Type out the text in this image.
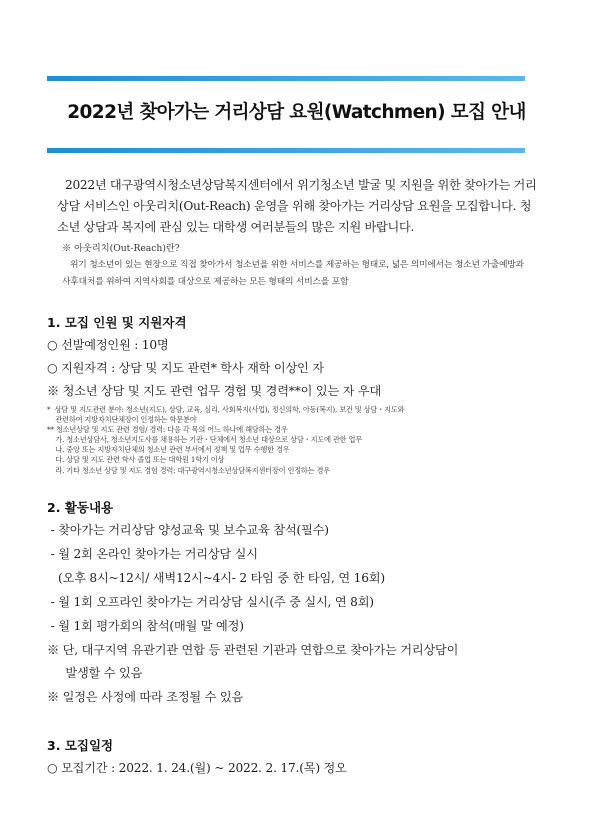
2022년 찾아가는 거리상담 요원(Watchmen) 모집 안내
2022년 대구광역시청소년상담복지센터에서 위기청소년 발굴 및 지원을 위한 찾아가는 거리상담 서비스인 아웃리치(Out-Reach) 운영을 위해 찾아가는 거리상담 요원을 모집합니다. 청소년 상담과 복지에 관심 있는 대학생 여러분들의 많은 지원 바랍니다.
※ 아웃리치(Out-Reach)란?
위기 청소년이 있는 현장으로 직접 찾아가서 청소년을 위한 서비스를 제공하는 형태로, 넓은 의미에서는 청소년 가출예방과 사후대처를 위하여 지역사회를 대상으로 제공하는 모든 형태의 서비스을 포함
1. 모집 인원 및 지원자격
○ 선발예정인원 : 10명
○ 지원자격 : 상담 및 지도 관련* 학사 재학 이상인 자
※ 청소년 상담 및 지도 관련 업무 경험 및 경력**이 있는 자 우대
*  상담 및 지도관련 분야: 청소년(지도), 상담, 교육, 심리, 사회복지(사업), 정신의학, 아동(복지), 보건 및 상담・지도와
관련하여 지방자치단체장이 인정하는 학문분야
** 청소년상담 및 지도 관련 경험/ 경력: 다음 각 목의 어느 하나에 해당하는 경우
가. 청소년상담사, 청소년지도사를 채용하는 기관・단체에서 청소년 대상으로 상담・지도에 관한 업무
나. 중앙 또는 지방자치단체의 청소년 관련 부서에서 정책 및 업무 수행한 경우
다. 상담 및 지도 관련 학사 졸업 또는 대학원 1학기 이상
라. 기타 청소년 상담 및 지도 경험 경력: 대구광역시청소년상담복지센터장이 인정하는 경우
2. 활동내용
- 찾아가는 거리상담 양성교육 및 보수교육 참석(필수)
- 월 2회 온라인 찾아가는 거리상담 실시
(오후 8시~12시/ 새벽12시~4시- 2 타임 중 한 타임, 연 16회)
- 월 1회 오프라인 찾아가는 거리상담 실시(주 중 실시, 연 8회)
- 월 1회 평가회의 참석(매월 말 예정)
※ 단, 대구지역 유관기관 연합 등 관련된 기관과 연합으로 찾아가는 거리상담이
발생할 수 있음
※ 일정은 사정에 따라 조정될 수 있음
3. 모집일정
○ 모집기간 : 2022. 1. 24.(월) ~ 2022. 2. 17.(목) 정오
